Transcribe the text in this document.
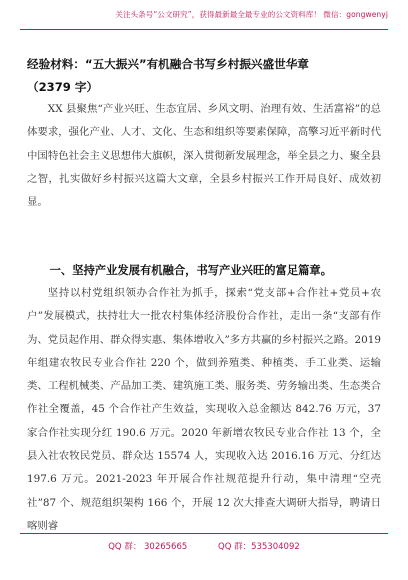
关注头条号“公文研究”，获得最新最全最专业的公文资料库！ 微信：gongwenyj
经验材料：“五大振兴”有机融合书写乡村振兴盛世华章
（2379 字）

XX 县聚焦“产业兴旺、生态宜居、乡风文明、治理有效、生活富裕”的总体要求，强化产业、人才、文化、生态和组织等要素保障，高擎习近平新时代中国特色社会主义思想伟大旗帜，深入贯彻新发展理念，举全县之力、聚全县之智，扎实做好乡村振兴这篇大文章，全县乡村振兴工作开局良好、成效初显。

一、坚持产业发展有机融合，书写产业兴旺的富足篇章。

坚持以村党组织领办合作社为抓手，探索“党支部+合作社+党员+农户”发展模式，扶持壮大一批农村集体经济股份合作社，走出一条“支部有作为、党员起作用、群众得实惠、集体增收入”多方共赢的乡村振兴之路。2019 年组建农牧民专业合作社 220 个，做到养殖类、种植类、手工业类、运输类、工程机械类、产品加工类、建筑施工类、服务类、劳务输出类、生态类合作社全覆盖，45 个合作社产生效益，实现收入总金额达 842.76 万元，37 家合作社实现分红 190.6 万元。2020 年新增农牧民专业合作社 13 个，全县入社农牧民党员、群众达 15574 人，实现收入达 2016.16 万元、分红达 197.6 万元。2021-2023 年开展合作社规范提升行动，集中清理“空壳社”87 个、规范组织架构 166 个，开展 12 次大排查大调研大指导，聘请日喀则睿

QQ 群： 30265665	QQ 群：535304092
